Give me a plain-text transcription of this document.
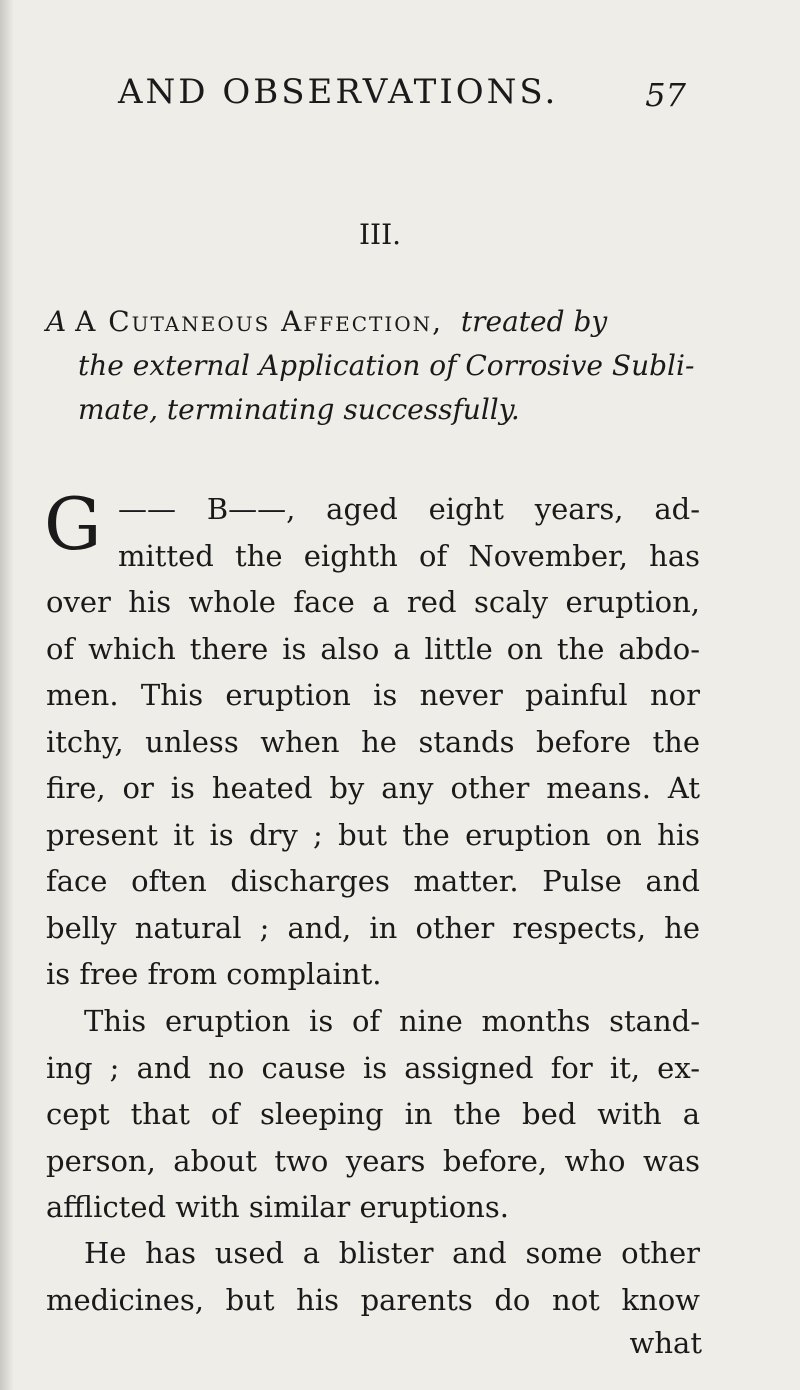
AND OBSERVATIONS.	57
III.
A A Cutaneous Affection, treated by
the external Application of Corrosive Subli-
mate, terminating successfully.
G —— B——, aged eight years, ad-
mitted the eighth of November, has
over his whole face a red scaly eruption,
of which there is also a little on the abdo-
men. This eruption is never painful nor
itchy, unless when he stands before the
fire, or is heated by any other means. At
present it is dry ; but the eruption on his
face often discharges matter. Pulse and
belly natural ; and, in other respects, he
is free from complaint.
This eruption is of nine months stand-
ing ; and no cause is assigned for it, ex-
cept that of sleeping in the bed with a
person, about two years before, who was
afflicted with similar eruptions.
He has used a blister and some other
medicines, but his parents do not know
what
